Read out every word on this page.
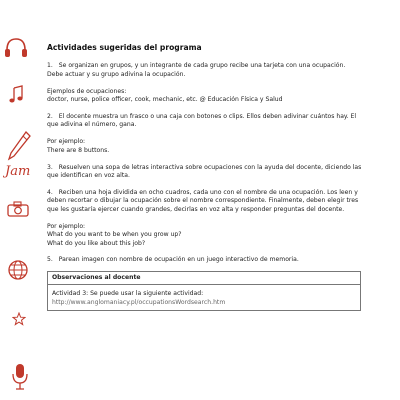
Jam
Actividades sugeridas del programa

1. Se organizan en grupos, y un integrante de cada grupo recibe una tarjeta con una ocupación. Debe actuar y su grupo adivina la ocupación.

Ejemplos de ocupaciones:
doctor, nurse, police officer, cook, mechanic, etc. @ Educación Física y Salud

2. El docente muestra un frasco o una caja con botones o clips. Ellos deben adivinar cuántos hay. El que adivina el número, gana.

Por ejemplo:
There are 8 buttons.

3. Resuelven una sopa de letras interactiva sobre ocupaciones con la ayuda del docente, diciendo las que identifican en voz alta.

4. Reciben una hoja dividida en ocho cuadros, cada uno con el nombre de una ocupación. Los leen y deben recortar o dibujar la ocupación sobre el nombre correspondiente. Finalmente, deben elegir tres que les gustaría ejercer cuando grandes, decirlas en voz alta y responder preguntas del docente.

Por ejemplo:
What do you want to be when you grow up?
What do you like about this job?

5. Parean imagen con nombre de ocupación en un juego interactivo de memoria.

Observaciones al docente
Actividad 3: Se puede usar la siguiente actividad:
http://www.anglomaniacy.pl/occupationsWordsearch.htm
